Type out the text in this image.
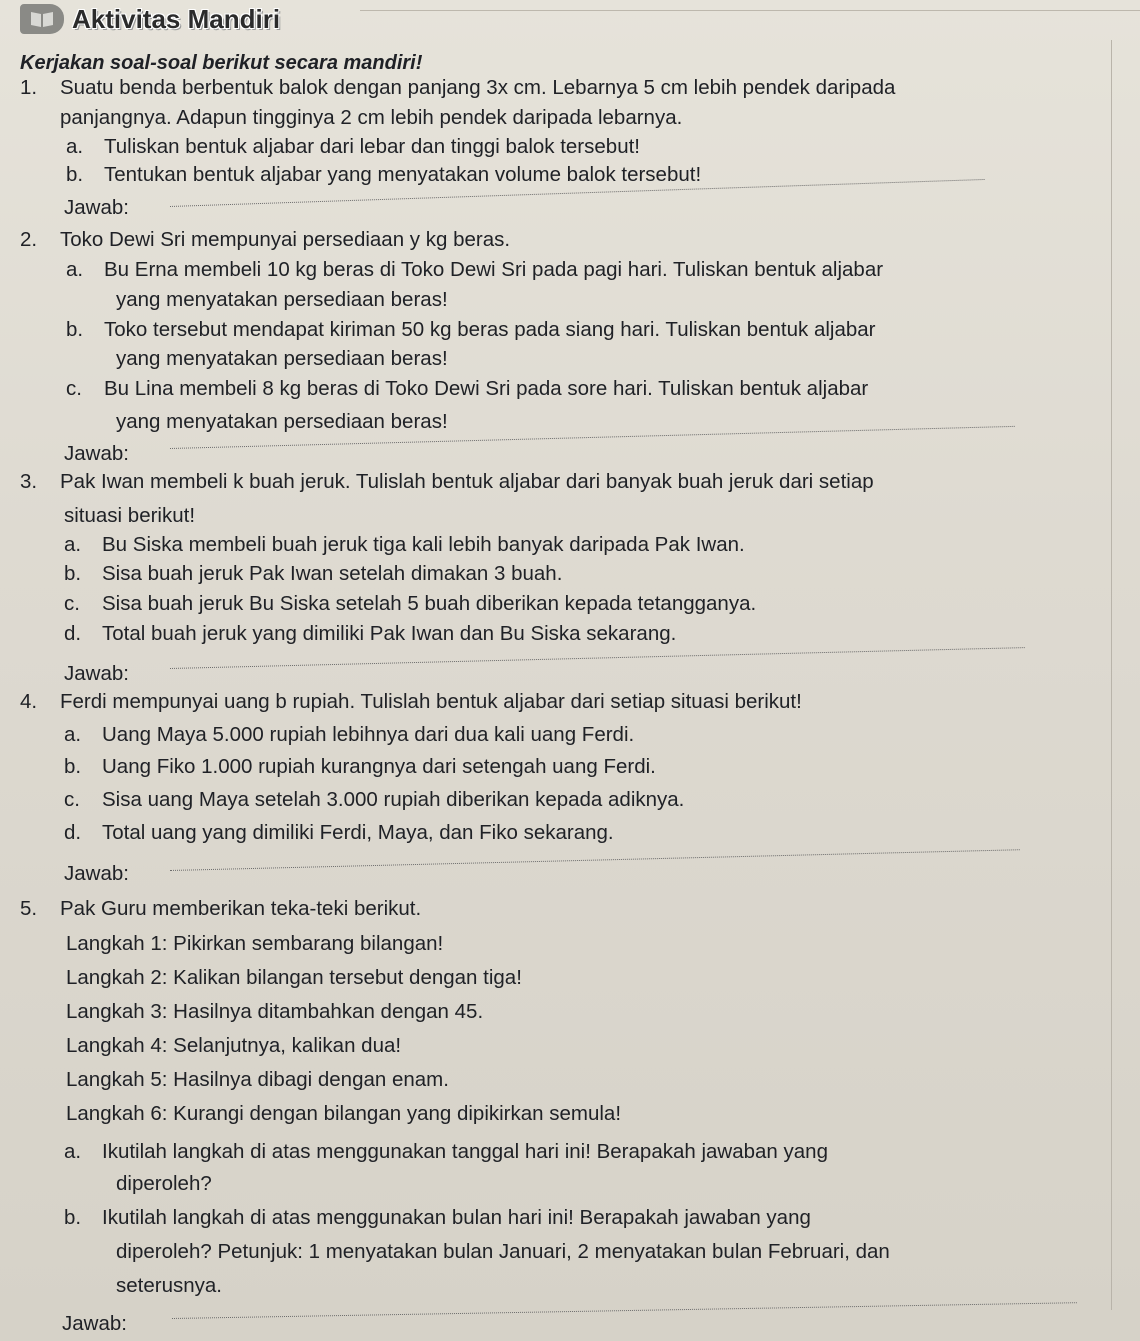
Aktivitas Mandiri
Kerjakan soal-soal berikut secara mandiri!
1. Suatu benda berbentuk balok dengan panjang 3x cm. Lebarnya 5 cm lebih pendek daripada
panjangnya. Adapun tingginya 2 cm lebih pendek daripada lebarnya.
a. Tuliskan bentuk aljabar dari lebar dan tinggi balok tersebut!
b. Tentukan bentuk aljabar yang menyatakan volume balok tersebut!
Jawab:
2. Toko Dewi Sri mempunyai persediaan y kg beras.
a. Bu Erna membeli 10 kg beras di Toko Dewi Sri pada pagi hari. Tuliskan bentuk aljabar
yang menyatakan persediaan beras!
b. Toko tersebut mendapat kiriman 50 kg beras pada siang hari. Tuliskan bentuk aljabar
yang menyatakan persediaan beras!
c. Bu Lina membeli 8 kg beras di Toko Dewi Sri pada sore hari. Tuliskan bentuk aljabar
yang menyatakan persediaan beras!
Jawab:
3. Pak Iwan membeli k buah jeruk. Tulislah bentuk aljabar dari banyak buah jeruk dari setiap
situasi berikut!
a. Bu Siska membeli buah jeruk tiga kali lebih banyak daripada Pak Iwan.
b. Sisa buah jeruk Pak Iwan setelah dimakan 3 buah.
c. Sisa buah jeruk Bu Siska setelah 5 buah diberikan kepada tetangganya.
d. Total buah jeruk yang dimiliki Pak Iwan dan Bu Siska sekarang.
Jawab:
4. Ferdi mempunyai uang b rupiah. Tulislah bentuk aljabar dari setiap situasi berikut!
a. Uang Maya 5.000 rupiah lebihnya dari dua kali uang Ferdi.
b. Uang Fiko 1.000 rupiah kurangnya dari setengah uang Ferdi.
c. Sisa uang Maya setelah 3.000 rupiah diberikan kepada adiknya.
d. Total uang yang dimiliki Ferdi, Maya, dan Fiko sekarang.
Jawab:
5. Pak Guru memberikan teka-teki berikut.
Langkah 1: Pikirkan sembarang bilangan!
Langkah 2: Kalikan bilangan tersebut dengan tiga!
Langkah 3: Hasilnya ditambahkan dengan 45.
Langkah 4: Selanjutnya, kalikan dua!
Langkah 5: Hasilnya dibagi dengan enam.
Langkah 6: Kurangi dengan bilangan yang dipikirkan semula!
a. Ikutilah langkah di atas menggunakan tanggal hari ini! Berapakah jawaban yang
diperoleh?
b. Ikutilah langkah di atas menggunakan bulan hari ini! Berapakah jawaban yang
diperoleh? Petunjuk: 1 menyatakan bulan Januari, 2 menyatakan bulan Februari, dan
seterusnya.
Jawab:
